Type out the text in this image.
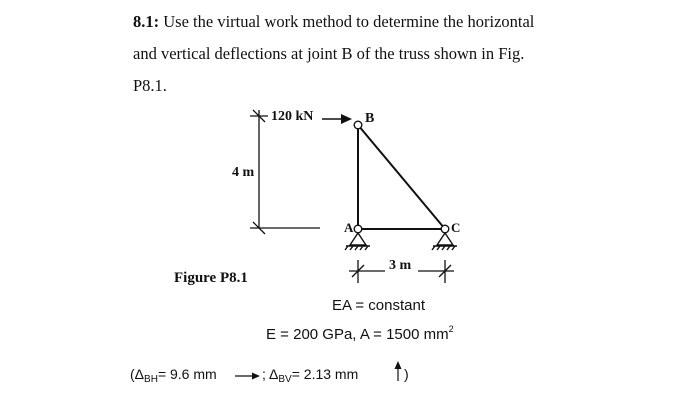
8.1: Use the virtual work method to determine the horizontal
and vertical deflections at joint B of the truss shown in Fig.
P8.1.
120 kN	B
A	C
4 m
3 m
Figure P8.1
EA = constant
E = 200 GPa, A = 1500 $mm^2$
($\Delta_{BH}= 9.6$ mm	; $\Delta_{BV}= 2.13$ mm	)
